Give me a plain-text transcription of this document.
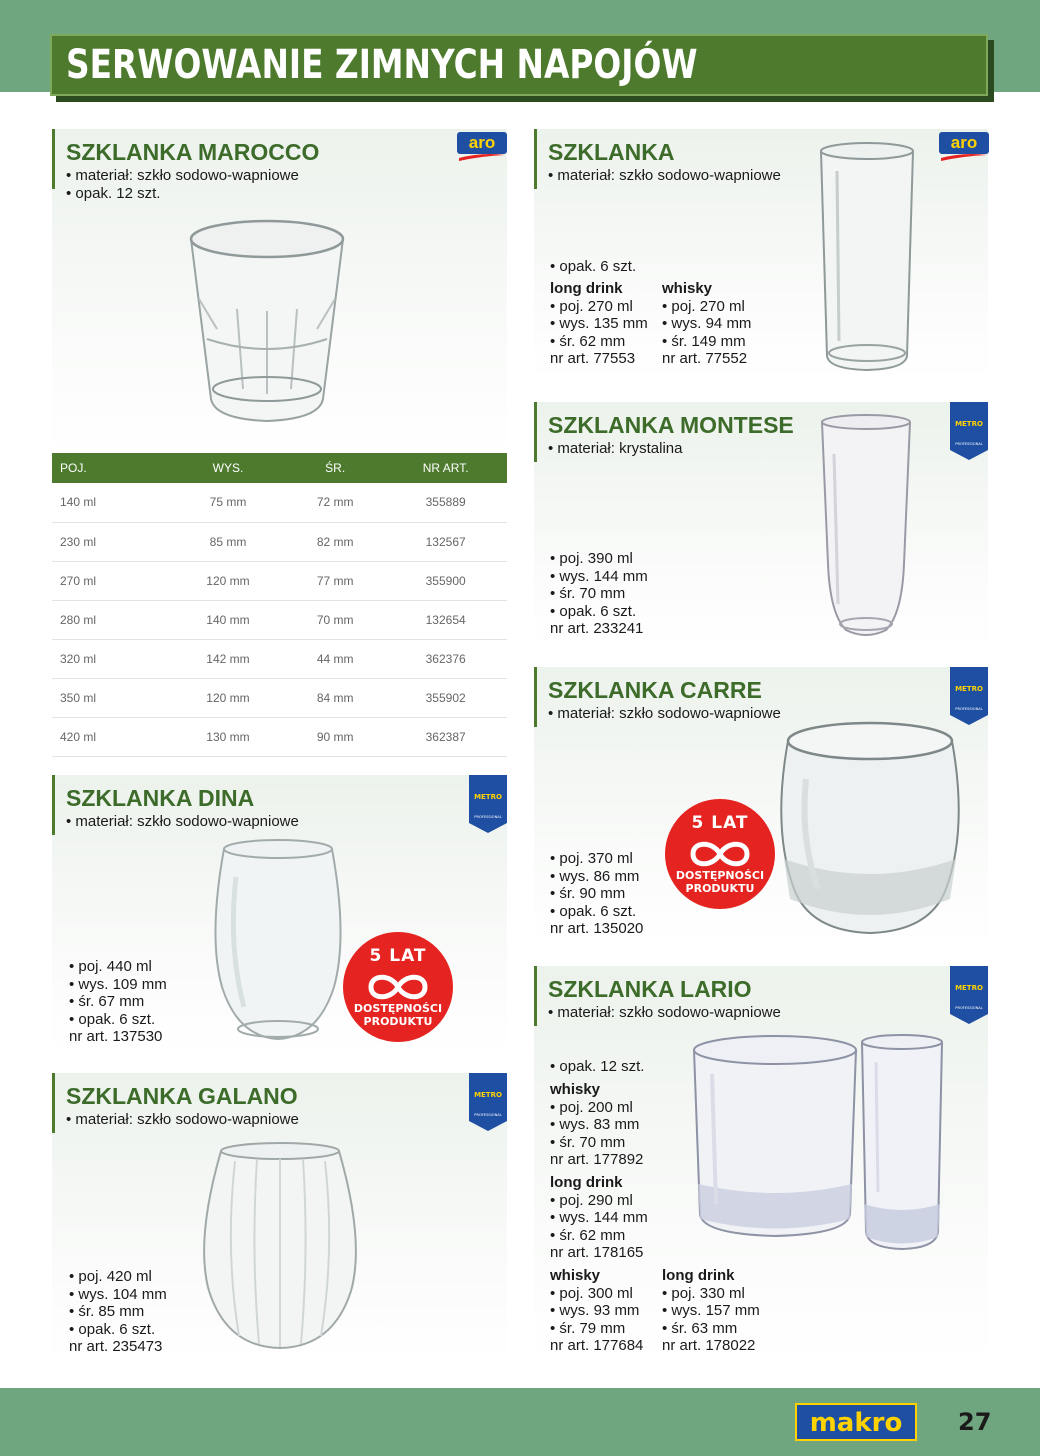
SERWOWANIE ZIMNYCH NAPOJÓW
SZKLANKA MAROCCO
• materiał: szkło sodowo-wapniowe
• opak. 12 szt.
aro
POJ.	WYS.	ŚR.	NR ART.
140 ml	75 mm	72 mm	355889
230 ml	85 mm	82 mm	132567
270 ml	120 mm	77 mm	355900
280 ml	140 mm	70 mm	132654
320 ml	142 mm	44 mm	362376
350 ml	120 mm	84 mm	355902
420 ml	130 mm	90 mm	362387
SZKLANKA
• materiał: szkło sodowo-wapniowe
aro
• opak. 6 szt.
long drink
• poj. 270 ml
• wys. 135 mm
• śr. 62 mm
nr art. 77553
whisky
• poj. 270 ml
• wys. 94 mm
• śr. 149 mm
nr art. 77552
SZKLANKA MONTESE
• materiał: krystalina
METRO
PROFESSIONAL
• poj. 390 ml
• wys. 144 mm
• śr. 70 mm
• opak. 6 szt.
nr art. 233241
SZKLANKA CARRE
• materiał: szkło sodowo-wapniowe
METRO
PROFESSIONAL
• poj. 370 ml
• wys. 86 mm
• śr. 90 mm
• opak. 6 szt.
nr art. 135020
5 LAT
DOSTĘPNOŚCI
PRODUKTU
SZKLANKA DINA
• materiał: szkło sodowo-wapniowe
METRO
PROFESSIONAL
• poj. 440 ml
• wys. 109 mm
• śr. 67 mm
• opak. 6 szt.
nr art. 137530
5 LAT
DOSTĘPNOŚCI
PRODUKTU
SZKLANKA LARIO
• materiał: szkło sodowo-wapniowe
METRO
PROFESSIONAL
• opak. 12 szt.
whisky
• poj. 200 ml
• wys. 83 mm
• śr. 70 mm
nr art. 177892
long drink
• poj. 290 ml
• wys. 144 mm
• śr. 62 mm
nr art. 178165
whisky
• poj. 300 ml
• wys. 93 mm
• śr. 79 mm
nr art. 177684
long drink
• poj. 330 ml
• wys. 157 mm
• śr. 63 mm
nr art. 178022
SZKLANKA GALANO
• materiał: szkło sodowo-wapniowe
METRO
PROFESSIONAL
• poj. 420 ml
• wys. 104 mm
• śr. 85 mm
• opak. 6 szt.
nr art. 235473
makro	27
